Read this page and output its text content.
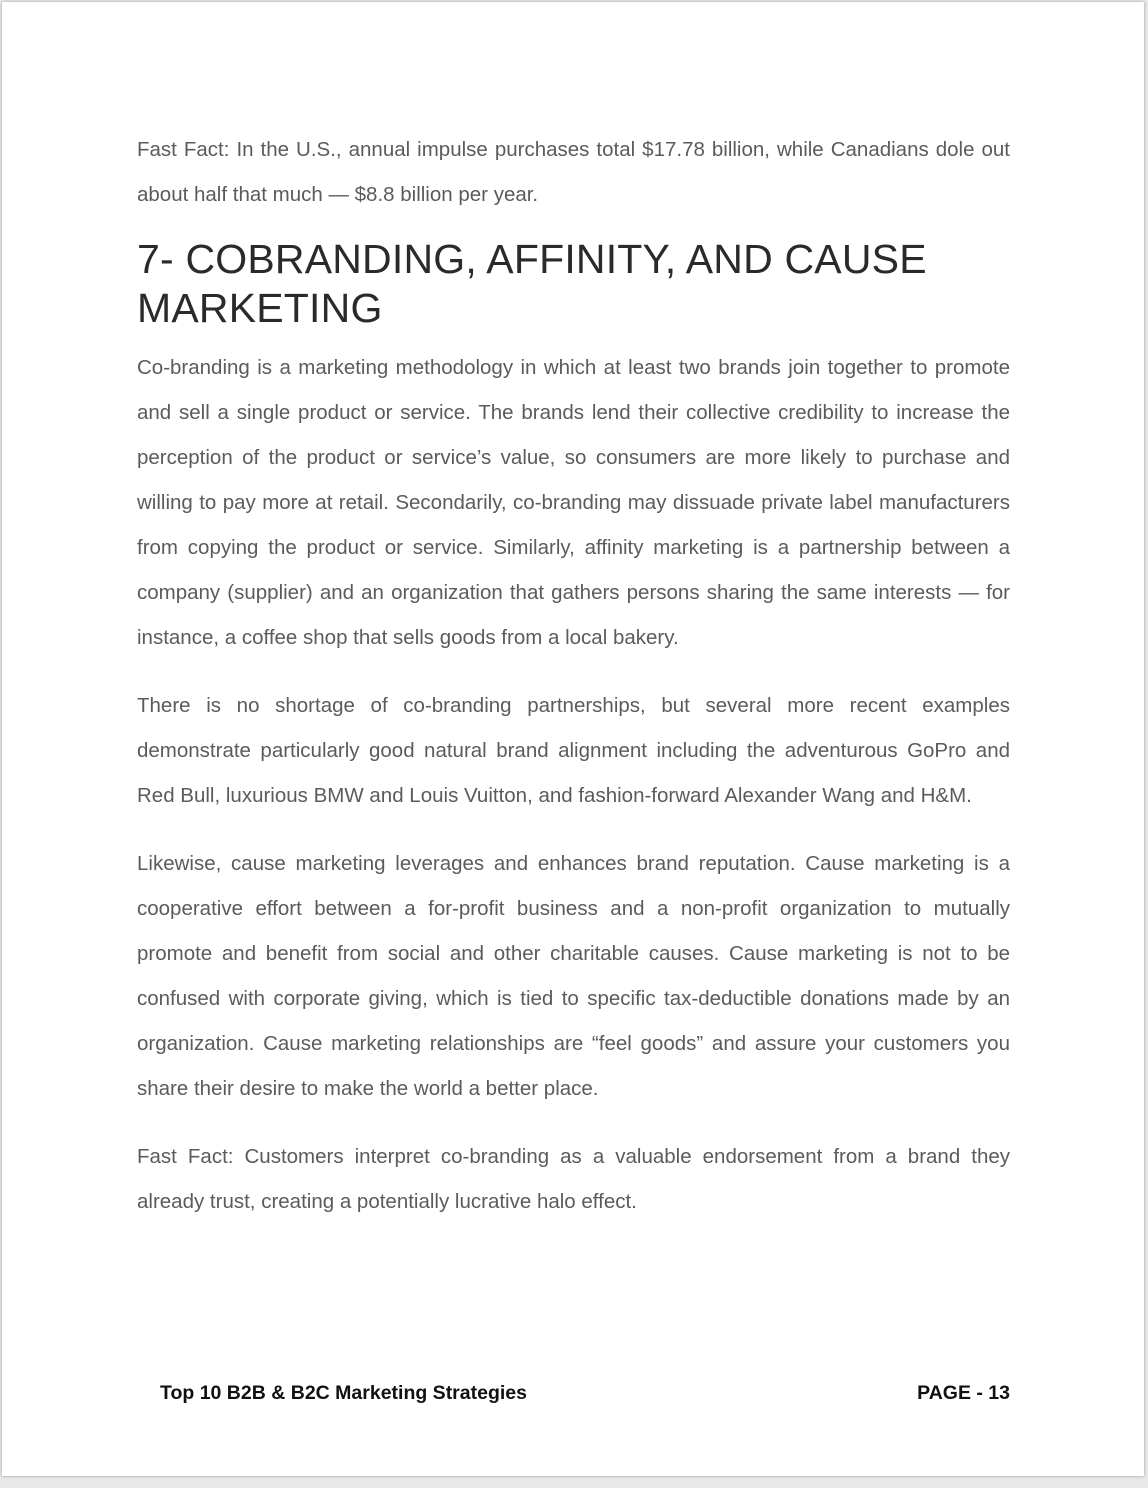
Fast Fact: In the U.S., annual impulse purchases total $17.78 billion, while Canadians dole out about half that much — $8.8 billion per year.

7- COBRANDING, AFFINITY, AND CAUSE MARKETING

Co-branding is a marketing methodology in which at least two brands join together to promote and sell a single product or service. The brands lend their collective credibility to increase the perception of the product or service’s value, so consumers are more likely to purchase and willing to pay more at retail. Secondarily, co-branding may dissuade private label manufacturers from copying the product or service. Similarly, affinity marketing is a partnership between a company (supplier) and an organization that gathers persons sharing the same interests — for instance, a coffee shop that sells goods from a local bakery.

There is no shortage of co-branding partnerships, but several more recent examples demonstrate particularly good natural brand alignment including the adventurous GoPro and Red Bull, luxurious BMW and Louis Vuitton, and fashion-forward Alexander Wang and H&M.

Likewise, cause marketing leverages and enhances brand reputation. Cause marketing is a cooperative effort between a for-profit business and a non-profit organization to mutually promote and benefit from social and other charitable causes. Cause marketing is not to be confused with corporate giving, which is tied to specific tax-deductible donations made by an organization. Cause marketing relationships are “feel goods” and assure your customers you share their desire to make the world a better place.

Fast Fact: Customers interpret co-branding as a valuable endorsement from a brand they already trust, creating a potentially lucrative halo effect.

Top 10 B2B & B2C Marketing Strategies	PAGE - 13
